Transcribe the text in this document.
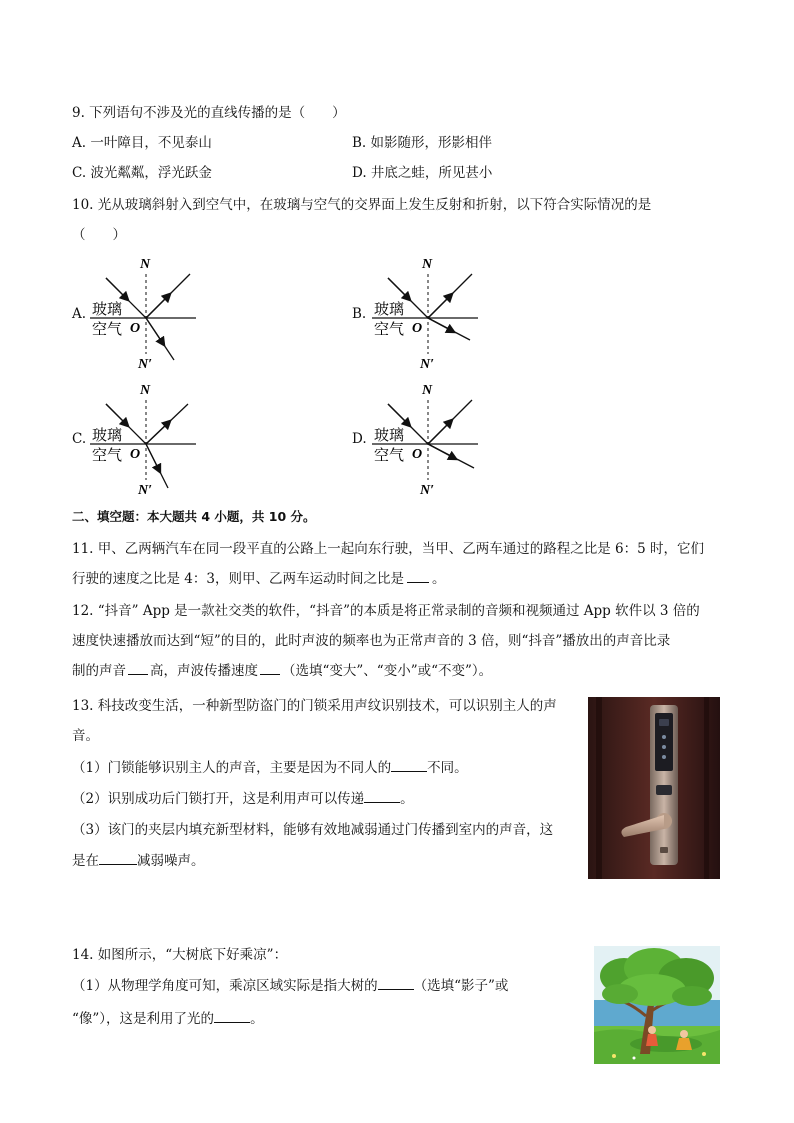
9. 下列语句不涉及光的直线传播的是（　　）
A. 一叶障目，不见泰山	B. 如影随形，形影相伴
C. 波光粼粼，浮光跃金	D. 井底之蛙，所见甚小
10. 光从玻璃斜射入到空气中，在玻璃与空气的交界面上发生反射和折射，以下符合实际情况的是
（　　）
A.
N
N′
O
玻璃
空气
B.
N
N′
O
玻璃
空气
C.
N
N′
O
玻璃
空气
D.
N
N′
O
玻璃
空气
二、填空题：本大题共 4 小题，共 10 分。
11. 甲、乙两辆汽车在同一段平直的公路上一起向东行驶，当甲、乙两车通过的路程之比是 6：5 时，它们
行驶的速度之比是 4：3，则甲、乙两车运动时间之比是 。
12. “抖音” App 是一款社交类的软件，“抖音”的本质是将正常录制的音频和视频通过 App 软件以 3 倍的
速度快速播放而达到“短”的目的，此时声波的频率也为正常声音的 3 倍，则“抖音”播放出的声音比录
制的声音 高，声波传播速度 （选填“变大”、“变小”或“不变”）。
13. 科技改变生活，一种新型防盗门的门锁采用声纹识别技术，可以识别主人的声
音。
（1）门锁能够识别主人的声音，主要是因为不同人的	不同。
（2）识别成功后门锁打开，这是利用声可以传递	。
（3）该门的夹层内填充新型材料，能够有效地减弱通过门传播到室内的声音，这
是在	减弱噪声。
14. 如图所示，“大树底下好乘凉”：
（1）从物理学角度可知，乘凉区域实际是指大树的	（选填“影子”或
“像”），这是利用了光的	。
